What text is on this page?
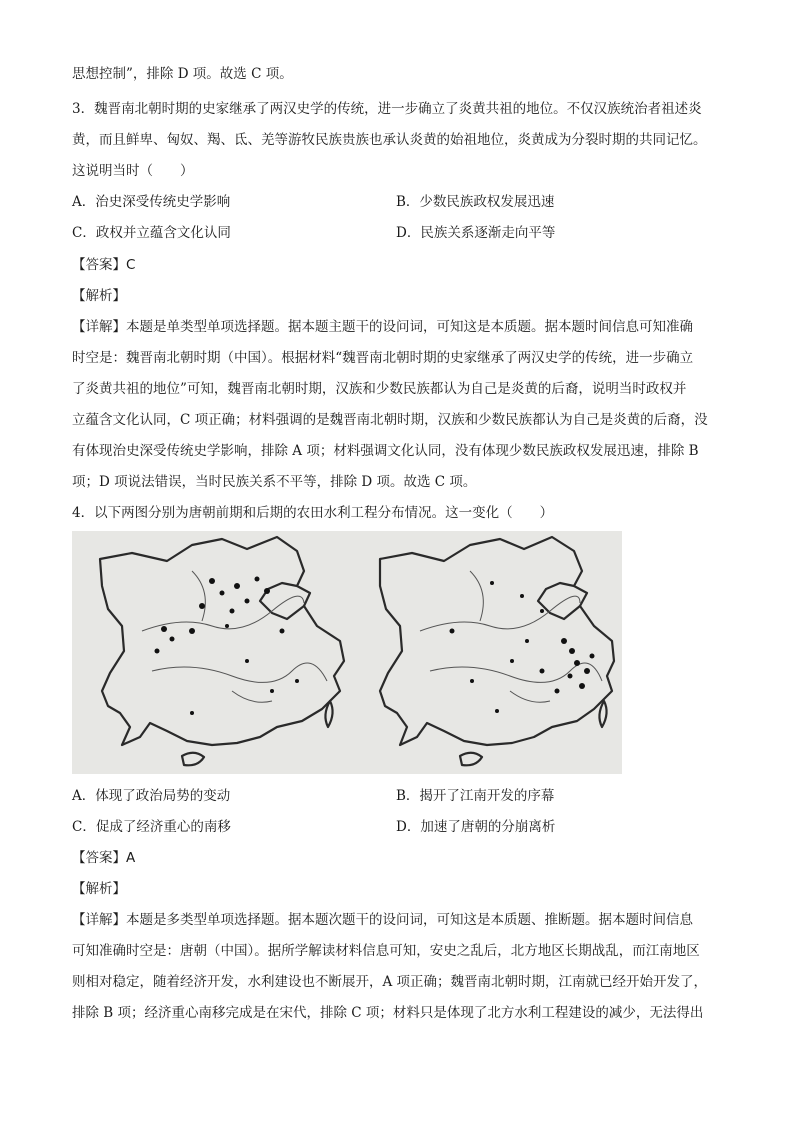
思想控制”，排除 D 项。故选 C 项。
3．魏晋南北朝时期的史家继承了两汉史学的传统，进一步确立了炎黄共祖的地位。不仅汉族统治者祖述炎
黄，而且鲜卑、匈奴、羯、氐、羌等游牧民族贵族也承认炎黄的始祖地位，炎黄成为分裂时期的共同记忆。
这说明当时（　　）
A．治史深受传统史学影响	B．少数民族政权发展迅速
C．政权并立蕴含文化认同	D．民族关系逐渐走向平等
【答案】C
【解析】
【详解】本题是单类型单项选择题。据本题主题干的设问词，可知这是本质题。据本题时间信息可知准确
时空是：魏晋南北朝时期（中国）。根据材料“魏晋南北朝时期的史家继承了两汉史学的传统，进一步确立
了炎黄共祖的地位”可知，魏晋南北朝时期，汉族和少数民族都认为自己是炎黄的后裔，说明当时政权并
立蕴含文化认同，C 项正确；材料强调的是魏晋南北朝时期，汉族和少数民族都认为自己是炎黄的后裔，没
有体现治史深受传统史学影响，排除 A 项；材料强调文化认同，没有体现少数民族政权发展迅速，排除 B
项；D 项说法错误，当时民族关系不平等，排除 D 项。故选 C 项。
4．以下两图分别为唐朝前期和后期的农田水利工程分布情况。这一变化（　　）
A．体现了政治局势的变动	B．揭开了江南开发的序幕
C．促成了经济重心的南移	D．加速了唐朝的分崩离析
【答案】A
【解析】
【详解】本题是多类型单项选择题。据本题次题干的设问词，可知这是本质题、推断题。据本题时间信息
可知准确时空是：唐朝（中国）。据所学解读材料信息可知，安史之乱后，北方地区长期战乱，而江南地区
则相对稳定，随着经济开发，水利建设也不断展开，A 项正确；魏晋南北朝时期，江南就已经开始开发了，
排除 B 项；经济重心南移完成是在宋代，排除 C 项；材料只是体现了北方水利工程建设的减少，无法得出
